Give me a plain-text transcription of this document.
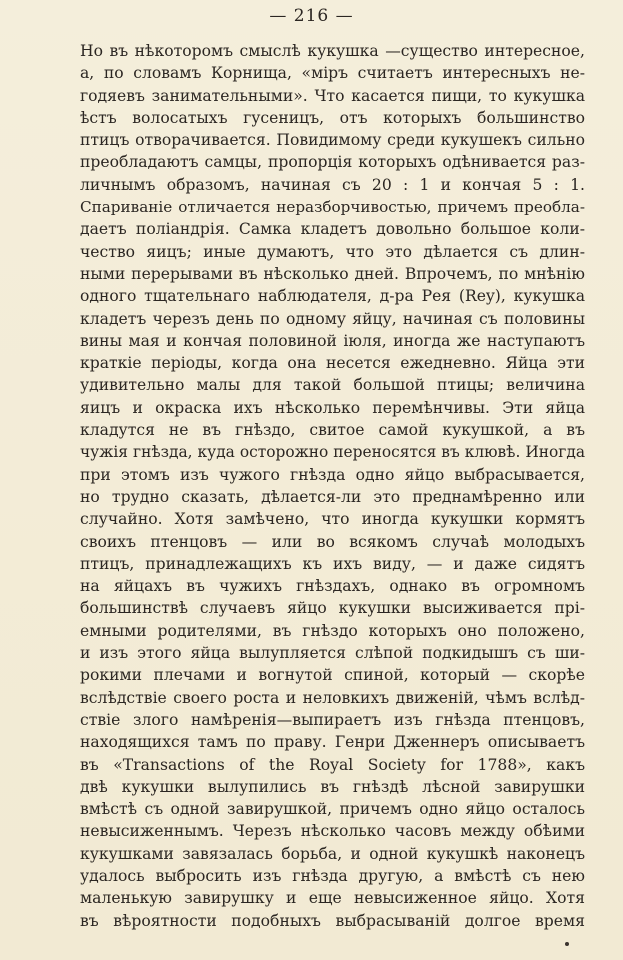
— 216 —
Но въ нѣкоторомъ смыслѣ кукушка —существо интересное,
а, по словамъ Корнища, «міръ считаетъ интересныхъ не-
годяевъ занимательными». Что касается пищи, то кукушка
ѣстъ волосатыхъ гусеницъ, отъ которыхъ большинство
птицъ отворачивается. Повидимому среди кукушекъ сильно
преобладаютъ самцы, пропорція которыхъ одѣнивается раз-
личнымъ образомъ, начиная съ 20 : 1 и кончая 5 : 1.
Спариваніе отличается неразборчивостью, причемъ преобла-
даетъ поліандрія. Самка кладетъ довольно большое коли-
чество яицъ; иные думаютъ, что это дѣлается съ длин-
ными перерывами въ нѣсколько дней. Впрочемъ, по мнѣнію
одного тщательнаго наблюдателя, д-ра Рея (Rey), кукушка
кладетъ черезъ день по одному яйцу, начиная съ половины
вины мая и кончая половиной іюля, иногда же наступаютъ
краткіе періоды, когда она несется ежедневно. Яйца эти
удивительно малы для такой большой птицы; величина
яицъ и окраска ихъ нѣсколько перемѣнчивы. Эти яйца
кладутся не въ гнѣздо, свитое самой кукушкой, а въ
чужія гнѣзда, куда осторожно переносятся въ клювѣ. Иногда
при этомъ изъ чужого гнѣзда одно яйцо выбрасывается,
но трудно сказать, дѣлается-ли это преднамѣренно или
случайно. Хотя замѣчено, что иногда кукушки кормятъ
своихъ птенцовъ — или во всякомъ случаѣ молодыхъ
птицъ, принадлежащихъ къ ихъ виду, — и даже сидятъ
на яйцахъ въ чужихъ гнѣздахъ, однако въ огромномъ
большинствѣ случаевъ яйцо кукушки высиживается прі-
емными родителями, въ гнѣздо которыхъ оно положено,
и изъ этого яйца вылупляется слѣпой подкидышъ съ ши-
рокими плечами и вогнутой спиной, который — скорѣе
вслѣдствіе своего роста и неловкихъ движеній, чѣмъ вслѣд-
ствіе злого намѣренія—выпираетъ изъ гнѣзда птенцовъ,
находящихся тамъ по праву. Генри Дженнеръ описываетъ
въ «Transactions of the Royal Society for 1788», какъ
двѣ кукушки вылупились въ гнѣздѣ лѣсной завирушки
вмѣстѣ съ одной завирушкой, причемъ одно яйцо осталось
невысиженнымъ. Черезъ нѣсколько часовъ между обѣими
кукушками завязалась борьба, и одной кукушкѣ наконецъ
удалось выбросить изъ гнѣзда другую, а вмѣстѣ съ нею
маленькую завирушку и еще невысиженное яйцо. Хотя
въ вѣроятности подобныхъ выбрасываній долгое время
